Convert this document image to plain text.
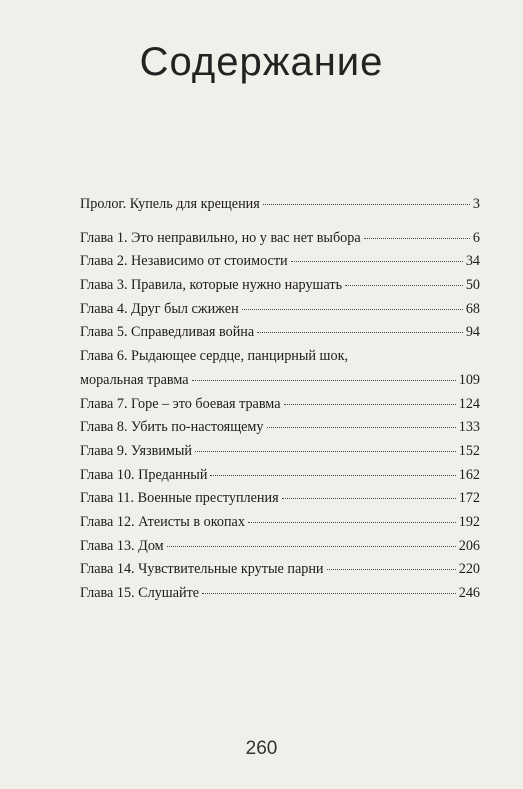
Содержание
Пролог. Купель для крещения	3
Глава 1. Это неправильно, но у вас нет выбора	6
Глава 2. Независимо от стоимости	34
Глава 3. Правила, которые нужно нарушать	50
Глава 4. Друг был сжижен	68
Глава 5. Справедливая война	94
Глава 6. Рыдающее сердце, панцирный шок,
моральная травма	109
Глава 7. Горе – это боевая травма	124
Глава 8. Убить по-настоящему	133
Глава 9. Уязвимый	152
Глава 10. Преданный	162
Глава 11. Военные преступления	172
Глава 12. Атеисты в окопах	192
Глава 13. Дом	206
Глава 14. Чувствительные крутые парни	220
Глава 15. Слушайте	246
260
